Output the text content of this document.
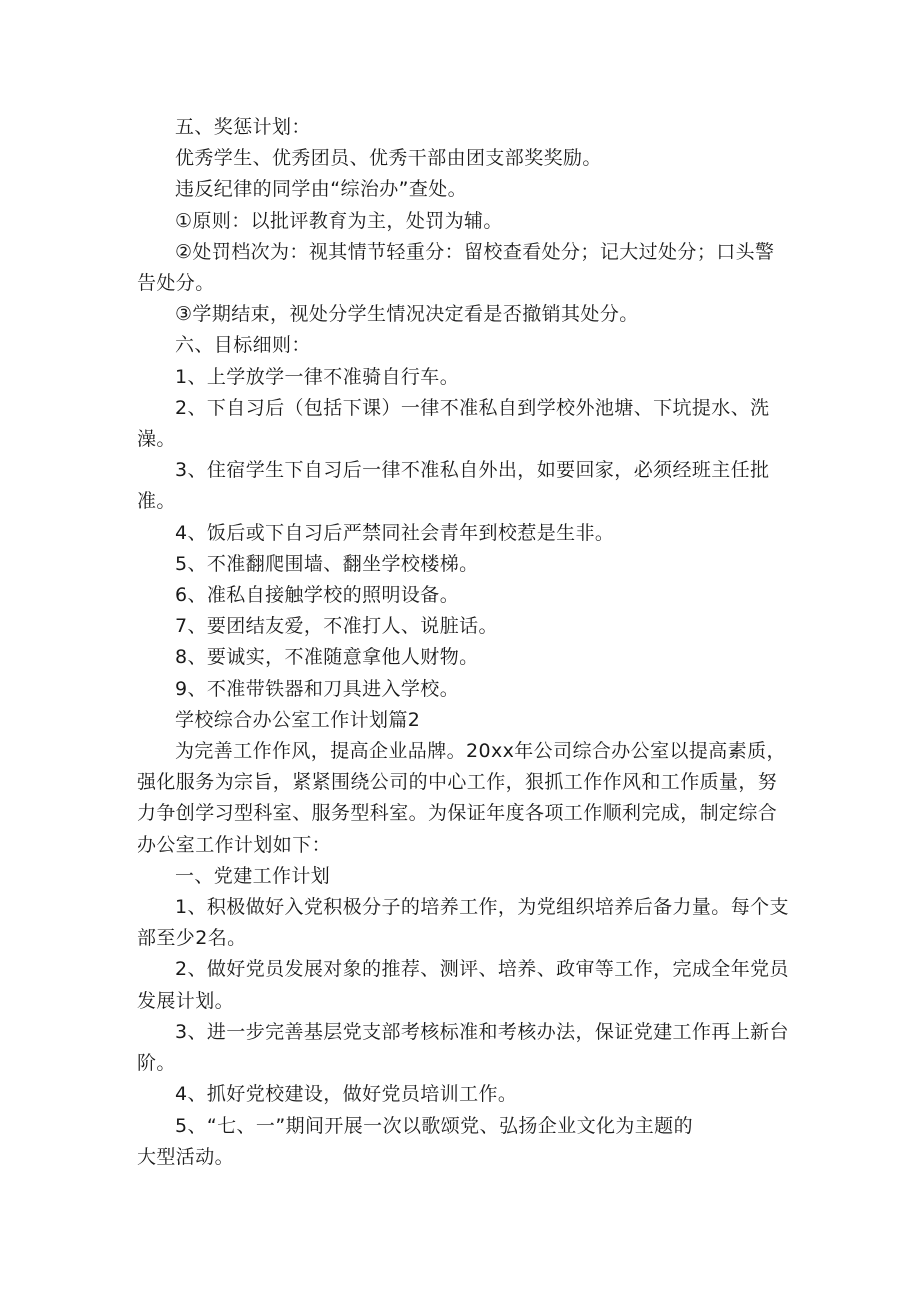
五、奖惩计划：

优秀学生、优秀团员、优秀干部由团支部奖奖励。

违反纪律的同学由“综治办”查处。

①原则：以批评教育为主，处罚为辅。

②处罚档次为：视其情节轻重分：留校查看处分；记大过处分；口头警告处分。

③学期结束，视处分学生情况决定看是否撤销其处分。

六、目标细则：

1、上学放学一律不准骑自行车。

2、下自习后（包括下课）一律不准私自到学校外池塘、下坑提水、洗澡。

3、住宿学生下自习后一律不准私自外出，如要回家，必须经班主任批准。

4、饭后或下自习后严禁同社会青年到校惹是生非。

5、不准翻爬围墙、翻坐学校楼梯。

6、准私自接触学校的照明设备。

7、要团结友爱，不准打人、说脏话。

8、要诚实，不准随意拿他人财物。

9、不准带铁器和刀具进入学校。

学校综合办公室工作计划篇2

为完善工作作风，提高企业品牌。20xx年公司综合办公室以提高素质，强化服务为宗旨，紧紧围绕公司的中心工作，狠抓工作作风和工作质量，努力争创学习型科室、服务型科室。为保证年度各项工作顺利完成，制定综合办公室工作计划如下：

一、党建工作计划

1、积极做好入党积极分子的培养工作，为党组织培养后备力量。每个支部至少2名。

2、做好党员发展对象的推荐、测评、培养、政审等工作，完成全年党员发展计划。

3、进一步完善基层党支部考核标准和考核办法，保证党建工作再上新台阶。

4、抓好党校建设，做好党员培训工作。

5、“七、一”期间开展一次以歌颂党、弘扬企业文化为主题的

大型活动。
